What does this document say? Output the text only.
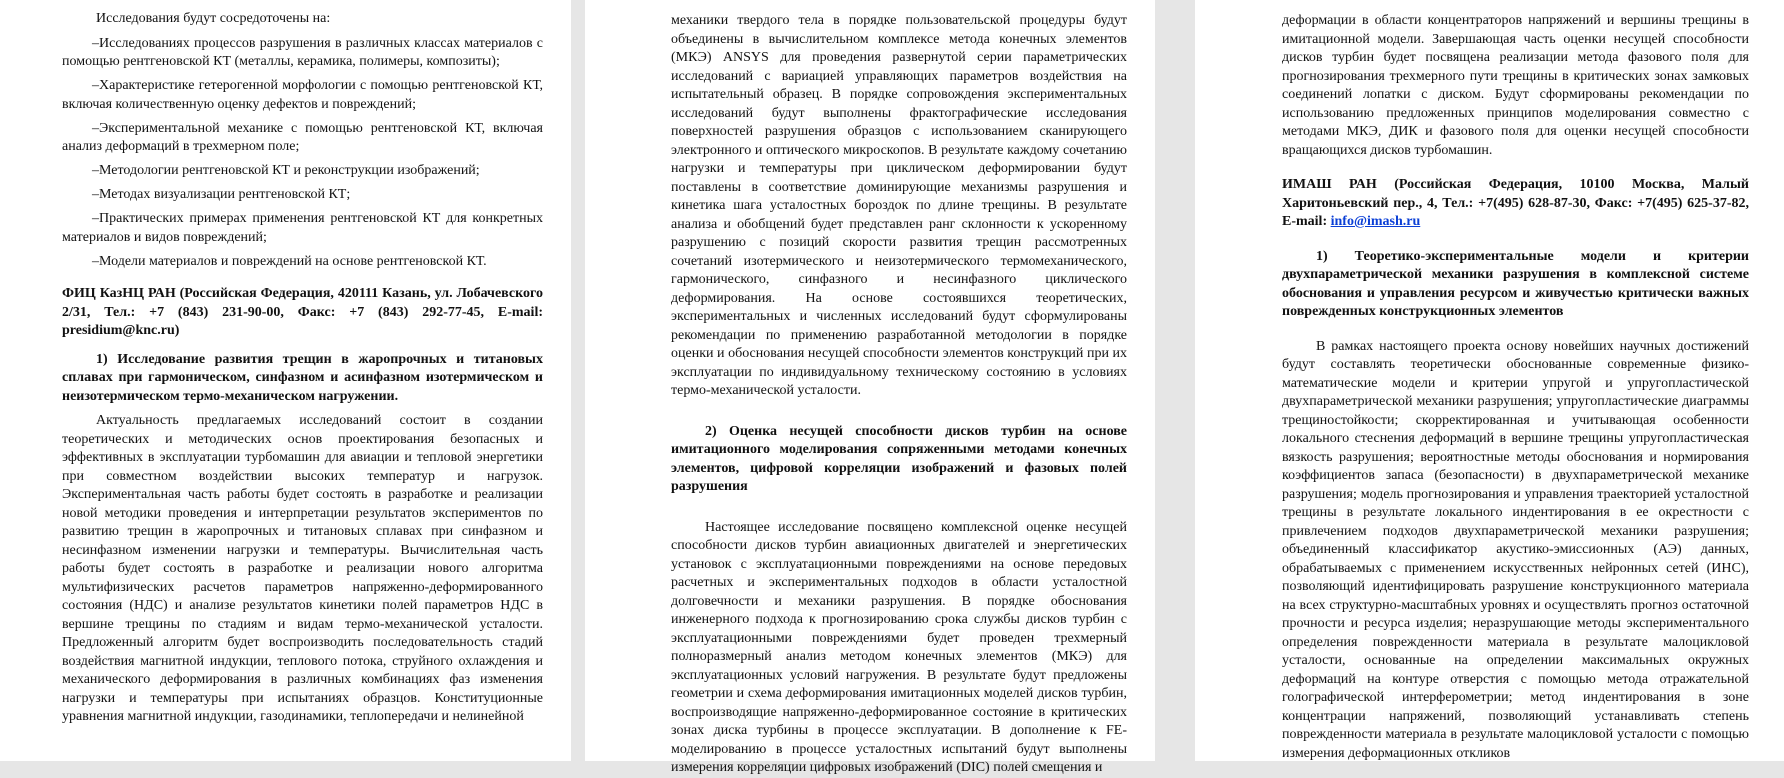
Исследования будут сосредоточены на:

–Исследованиях процессов разрушения в различных классах материалов с помощью рентгеновской КТ (металлы, керамика, полимеры, композиты);

–Характеристике гетерогенной морфологии с помощью рентгеновской КТ, включая количественную оценку дефектов и повреждений;

–Экспериментальной механике с помощью рентгеновской КТ, включая анализ деформаций в трехмерном поле;

–Методологии рентгеновской КТ и реконструкции изображений;

–Методах визуализации рентгеновской КТ;

–Практических примерах применения рентгеновской КТ для конкретных материалов и видов повреждений;

–Модели материалов и повреждений на основе рентгеновской КТ.

ФИЦ КазНЦ РАН (Российская Федерация, 420111 Казань, ул. Лобачевского 2/31, Тел.: +7 (843) 231-90-00, Факс: +7 (843) 292-77-45, E-mail: presidium@knc.ru)

1) Исследование развития трещин в жаропрочных и титановых сплавах при гармоническом, синфазном и асинфазном изотермическом и неизотермическом термо-механическом нагружении.

Актуальность предлагаемых исследований состоит в создании теоретических и методических основ проектирования безопасных и эффективных в эксплуатации турбомашин для авиации и тепловой энергетики при совместном воздействии высоких температур и нагрузок. Экспериментальная часть работы будет состоять в разработке и реализации новой методики проведения и интерпретации результатов экспериментов по развитию трещин в жаропрочных и титановых сплавах при синфазном и несинфазном изменении нагрузки и температуры. Вычислительная часть работы будет состоять в разработке и реализации нового алгоритма мультифизических расчетов параметров напряженно-деформированного состояния (НДС) и анализе результатов кинетики полей параметров НДС в вершине трещины по стадиям и видам термо-механической усталости. Предложенный алгоритм будет воспроизводить последовательность стадий воздействия магнитной индукции, теплового потока, струйного охлаждения и механического деформирования в различных комбинациях фаз изменения нагрузки и температуры при испытаниях образцов. Конституционные уравнения магнитной индукции, газодинамики, теплопередачи и нелинейной

механики твердого тела в порядке пользовательской процедуры будут объединены в вычислительном комплексе метода конечных элементов (МКЭ) ANSYS для проведения развернутой серии параметрических исследований с вариацией управляющих параметров воздействия на испытательный образец. В порядке сопровождения экспериментальных исследований будут выполнены фрактографические исследования поверхностей разрушения образцов с использованием сканирующего электронного и оптического микроскопов. В результате каждому сочетанию нагрузки и температуры при циклическом деформировании будут поставлены в соответствие доминирующие механизмы разрушения и кинетика шага усталостных бороздок по длине трещины. В результате анализа и обобщений будет представлен ранг склонности к ускоренному разрушению с позиций скорости развития трещин рассмотренных сочетаний изотермического и неизотермического термомеханического, гармонического, синфазного и несинфазного циклического деформирования. На основе состоявшихся теоретических, экспериментальных и численных исследований будут сформулированы рекомендации по применению разработанной методологии в порядке оценки и обоснования несущей способности элементов конструкций при их эксплуатации по индивидуальному техническому состоянию в условиях термо-механической усталости.

2) Оценка несущей способности дисков турбин на основе имитационного моделирования сопряженными методами конечных элементов, цифровой корреляции изображений и фазовых полей разрушения

Настоящее исследование посвящено комплексной оценке несущей способности дисков турбин авиационных двигателей и энергетических установок с эксплуатационными повреждениями на основе передовых расчетных и экспериментальных подходов в области усталостной долговечности и механики разрушения. В порядке обоснования инженерного подхода к прогнозированию срока службы дисков турбин с эксплуатационными повреждениями будет проведен трехмерный полноразмерный анализ методом конечных элементов (МКЭ) для эксплуатационных условий нагружения. В результате будут предложены геометрии и схема деформирования имитационных моделей дисков турбин, воспроизводящие напряженно-деформированное состояние в критических зонах диска турбины в процессе эксплуатации. В дополнение к FE-моделированию в процессе усталостных испытаний будут выполнены измерения корреляции цифровых изображений (DIC) полей смещения и

деформации в области концентраторов напряжений и вершины трещины в имитационной модели. Завершающая часть оценки несущей способности дисков турбин будет посвящена реализации метода фазового поля для прогнозирования трехмерного пути трещины в критических зонах замковых соединений лопатки с диском. Будут сформированы рекомендации по использованию предложенных принципов моделирования совместно с методами МКЭ, ДИК и фазового поля для оценки несущей способности вращающихся дисков турбомашин.

ИМАШ РАН (Российская Федерация, 10100 Москва, Малый Харитоньевский пер., 4, Тел.: +7(495) 628-87-30, Факс: +7(495) 625-37-82, E-mail: info@imash.ru

1) Теоретико-экспериментальные модели и критерии двухпараметрической механики разрушения в комплексной системе обоснования и управления ресурсом и живучестью критически важных поврежденных конструкционных элементов

В рамках настоящего проекта основу новейших научных достижений будут составлять теоретически обоснованные современные физико-математические модели и критерии упругой и упругопластической двухпараметрической механики разрушения; упругопластические диаграммы трещиностойкости; скорректированная и учитывающая особенности локального стеснения деформаций в вершине трещины упругопластическая вязкость разрушения; вероятностные методы обоснования и нормирования коэффициентов запаса (безопасности) в двухпараметрической механике разрушения; модель прогнозирования и управления траекторией усталостной трещины в результате локального индентирования в ее окрестности с привлечением подходов двухпараметрической механики разрушения; объединенный классификатор акустико-эмиссионных (АЭ) данных, обрабатываемых с применением искусственных нейронных сетей (ИНС), позволяющий идентифицировать разрушение конструкционного материала на всех структурно-масштабных уровнях и осуществлять прогноз остаточной прочности и ресурса изделия; неразрушающие методы экспериментального определения поврежденности материала в результате малоцикловой усталости, основанные на определении максимальных окружных деформаций на контуре отверстия с помощью метода отражательной голографической интерферометрии; метод индентирования в зоне концентрации напряжений, позволяющий устанавливать степень поврежденности материала в результате малоцикловой усталости с помощью измерения деформационных откликов
